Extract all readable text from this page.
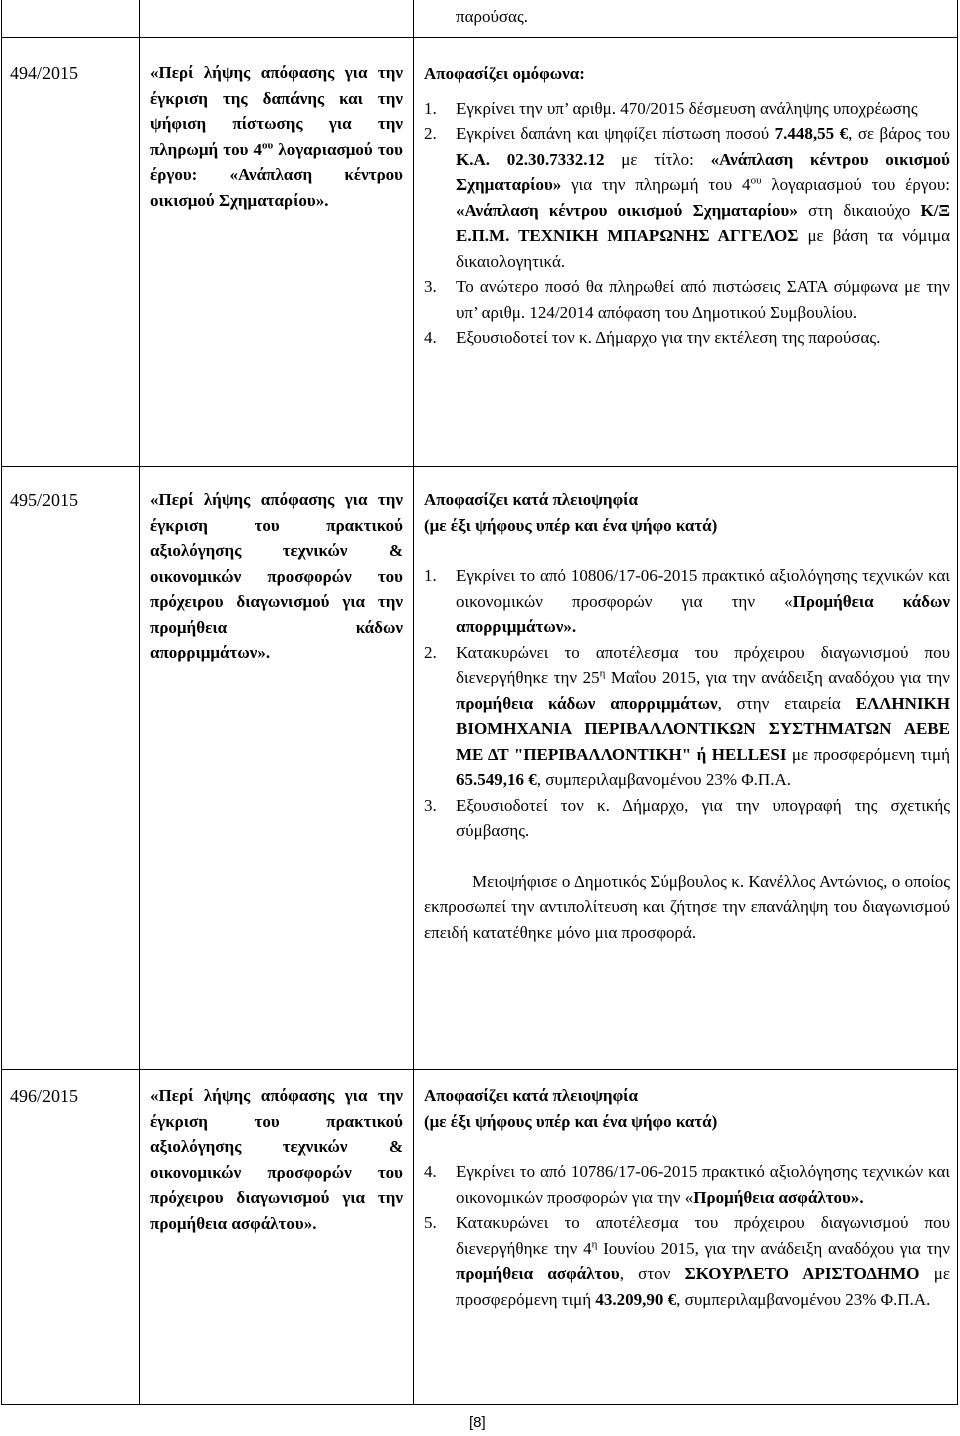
παρούσας.
494/2015	«Περί λήψης απόφασης για την έγκριση της δαπάνης και την ψήφιση πίστωσης για την πληρωμή του $4^{o\upsilon}$ λογαριασμού του έργου: «Ανάπλαση κέντρου οικισμού Σχηματαρίου».
Αποφασίζει ομόφωνα:
1.	Εγκρίνει την υπ’ αριθμ. 470/2015 δέσμευση ανάληψης υποχρέωσης
2.	Εγκρίνει δαπάνη και ψηφίζει πίστωση ποσού 7.448,55 €, σε βάρος του Κ.Α. 02.30.7332.12 με τίτλο: «Ανάπλαση κέντρου οικισμού Σχηματαρίου» για την πληρωμή του $4^{o\upsilon}$ λογαριασμού του έργου: «Ανάπλαση κέντρου οικισμού Σχηματαρίου» στη δικαιούχο Κ/Ξ Ε.Π.Μ. ΤΕΧΝΙΚΗ ΜΠΑΡΩΝΗΣ ΑΓΓΕΛΟΣ με βάση τα νόμιμα δικαιολογητικά.
3.	Το ανώτερο ποσό θα πληρωθεί από πιστώσεις ΣΑΤΑ σύμφωνα με την υπ’ αριθμ. 124/2014 απόφαση του Δημοτικού Συμβουλίου.
4.	Εξουσιοδοτεί τον κ. Δήμαρχο για την εκτέλεση της παρούσας.
495/2015	«Περί λήψης απόφασης για την έγκριση του πρακτικού αξιολόγησης τεχνικών & οικονομικών προσφορών του πρόχειρου διαγωνισμού για την προμήθεια κάδων απορριμμάτων».
Αποφασίζει κατά πλειοψηφία
(με έξι ψήφους υπέρ και ένα ψήφο κατά)
1.	Εγκρίνει το από 10806/17-06-2015 πρακτικό αξιολόγησης τεχνικών και οικονομικών προσφορών για την «Προμήθεια κάδων απορριμμάτων».
2.	Κατακυρώνει το αποτέλεσμα του πρόχειρου διαγωνισμού που διενεργήθηκε την $25^\eta$ Μαΐου 2015, για την ανάδειξη αναδόχου για την προμήθεια κάδων απορριμμάτων, στην εταιρεία ΕΛΛΗΝΙΚΗ ΒΙΟΜΗΧΑΝΙΑ ΠΕΡΙΒΑΛΛΟΝΤΙΚΩΝ ΣΥΣΤΗΜΑΤΩΝ ΑΕΒΕ ΜΕ ΔΤ "ΠΕΡΙΒΑΛΛΟΝΤΙΚΗ" ή HELLESI με προσφερόμενη τιμή 65.549,16 €, συμπεριλαμβανομένου 23% Φ.Π.Α.
3.	Εξουσιοδοτεί τον κ. Δήμαρχο, για την υπογραφή της σχετικής σύμβασης.
Μειοψήφισε ο Δημοτικός Σύμβουλος κ. Κανέλλος Αντώνιος, ο οποίος εκπροσωπεί την αντιπολίτευση και ζήτησε την επανάληψη του διαγωνισμού επειδή κατατέθηκε μόνο μια προσφορά.
496/2015	«Περί λήψης απόφασης για την έγκριση του πρακτικού αξιολόγησης τεχνικών & οικονομικών προσφορών του πρόχειρου διαγωνισμού για την προμήθεια ασφάλτου».
Αποφασίζει κατά πλειοψηφία
(με έξι ψήφους υπέρ και ένα ψήφο κατά)
4.	Εγκρίνει το από 10786/17-06-2015 πρακτικό αξιολόγησης τεχνικών και οικονομικών προσφορών για την «Προμήθεια ασφάλτου».
5.	Κατακυρώνει το αποτέλεσμα του πρόχειρου διαγωνισμού που διενεργήθηκε την $4^\eta$ Ιουνίου 2015, για την ανάδειξη αναδόχου για την προμήθεια ασφάλτου, στον ΣΚΟΥΡΛΕΤΟ ΑΡΙΣΤΟΔΗΜΟ με προσφερόμενη τιμή 43.209,90 €, συμπεριλαμβανομένου 23% Φ.Π.Α.
[8]
